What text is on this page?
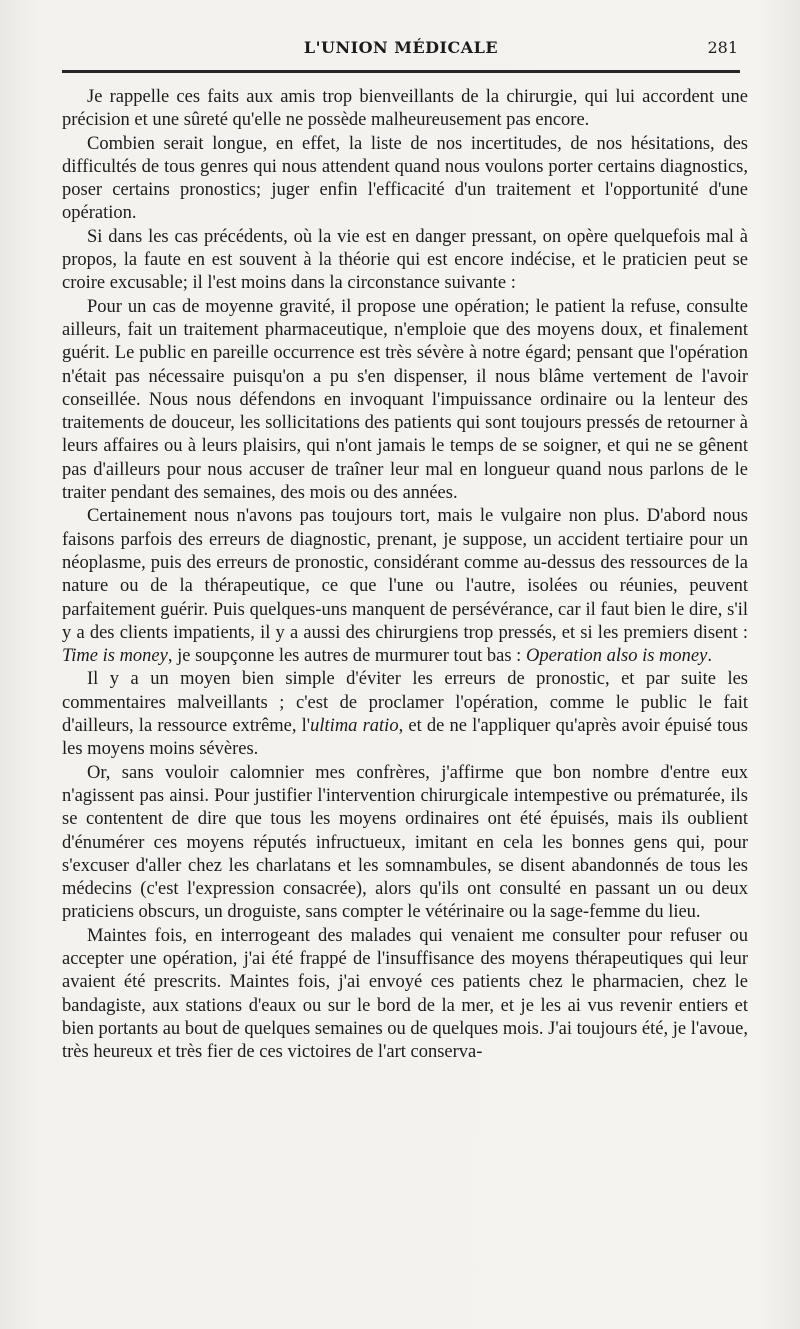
L'UNION MÉDICALE	281

Je rappelle ces faits aux amis trop bienveillants de la chirurgie, qui lui accordent une précision et une sûreté qu'elle ne possède malheureusement pas encore.

Combien serait longue, en effet, la liste de nos incertitudes, de nos hésitations, des difficultés de tous genres qui nous attendent quand nous voulons porter certains diagnostics, poser certains pronostics; juger enfin l'efficacité d'un traitement et l'opportunité d'une opération.

Si dans les cas précédents, où la vie est en danger pressant, on opère quelquefois mal à propos, la faute en est souvent à la théorie qui est encore indécise, et le praticien peut se croire excusable; il l'est moins dans la circonstance suivante :

Pour un cas de moyenne gravité, il propose une opération; le patient la refuse, consulte ailleurs, fait un traitement pharmaceutique, n'emploie que des moyens doux, et finalement guérit. Le public en pareille occurrence est très sévère à notre égard; pensant que l'opération n'était pas nécessaire puisqu'on a pu s'en dispenser, il nous blâme vertement de l'avoir conseillée. Nous nous défendons en invoquant l'impuissance ordinaire ou la lenteur des traitements de douceur, les sollicitations des patients qui sont toujours pressés de retourner à leurs affaires ou à leurs plaisirs, qui n'ont jamais le temps de se soigner, et qui ne se gênent pas d'ailleurs pour nous accuser de traîner leur mal en longueur quand nous parlons de le traiter pendant des semaines, des mois ou des années.

Certainement nous n'avons pas toujours tort, mais le vulgaire non plus. D'abord nous faisons parfois des erreurs de diagnostic, prenant, je suppose, un accident tertiaire pour un néoplasme, puis des erreurs de pronostic, considérant comme au-dessus des ressources de la nature ou de la thérapeutique, ce que l'une ou l'autre, isolées ou réunies, peuvent parfaitement guérir. Puis quelques-uns manquent de persévérance, car il faut bien le dire, s'il y a des clients impatients, il y a aussi des chirurgiens trop pressés, et si les premiers disent : Time is money, je soupçonne les autres de murmurer tout bas : Operation also is money.

Il y a un moyen bien simple d'éviter les erreurs de pronostic, et par suite les commentaires malveillants ; c'est de proclamer l'opération, comme le public le fait d'ailleurs, la ressource extrême, l'ultima ratio, et de ne l'appliquer qu'après avoir épuisé tous les moyens moins sévères.

Or, sans vouloir calomnier mes confrères, j'affirme que bon nombre d'entre eux n'agissent pas ainsi. Pour justifier l'intervention chirurgicale intempestive ou prématurée, ils se contentent de dire que tous les moyens ordinaires ont été épuisés, mais ils oublient d'énumérer ces moyens réputés infructueux, imitant en cela les bonnes gens qui, pour s'excuser d'aller chez les charlatans et les somnambules, se disent abandonnés de tous les médecins (c'est l'expression consacrée), alors qu'ils ont consulté en passant un ou deux praticiens obscurs, un droguiste, sans compter le vétérinaire ou la sage-femme du lieu.

Maintes fois, en interrogeant des malades qui venaient me consulter pour refuser ou accepter une opération, j'ai été frappé de l'insuffisance des moyens thérapeutiques qui leur avaient été prescrits. Maintes fois, j'ai envoyé ces patients chez le pharmacien, chez le bandagiste, aux stations d'eaux ou sur le bord de la mer, et je les ai vus revenir entiers et bien portants au bout de quelques semaines ou de quelques mois. J'ai toujours été, je l'avoue, très heureux et très fier de ces victoires de l'art conserva-
